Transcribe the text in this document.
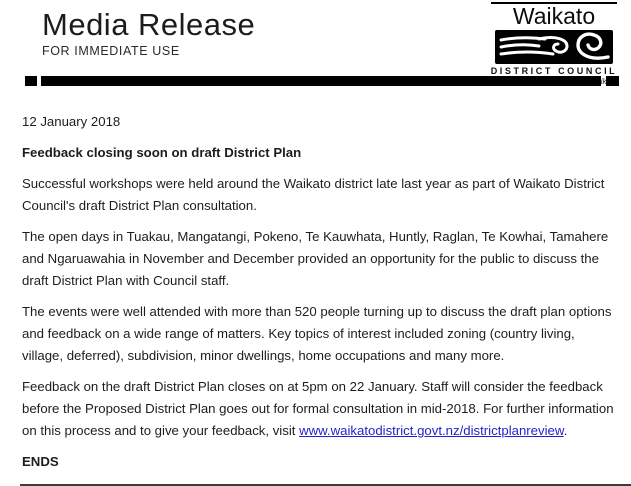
Media Release
FOR IMMEDIATE USE
Waikato
DISTRICT COUNCIL
Waikato

12 January 2018

Feedback closing soon on draft District Plan

Successful workshops were held around the Waikato district late last year as part of Waikato District Council's draft District Plan consultation.

The open days in Tuakau, Mangatangi, Pokeno, Te Kauwhata, Huntly, Raglan, Te Kowhai, Tamahere and Ngaruawahia in November and December provided an opportunity for the public to discuss the draft District Plan with Council staff.

The events were well attended with more than 520 people turning up to discuss the draft plan options and feedback on a wide range of matters. Key topics of interest included zoning (country living, village, deferred), subdivision, minor dwellings, home occupations and many more.

Feedback on the draft District Plan closes on at 5pm on 22 January. Staff will consider the feedback before the Proposed District Plan goes out for formal consultation in mid-2018. For further information on this process and to give your feedback, visit www.waikatodistrict.govt.nz/districtplanreview.

ENDS
